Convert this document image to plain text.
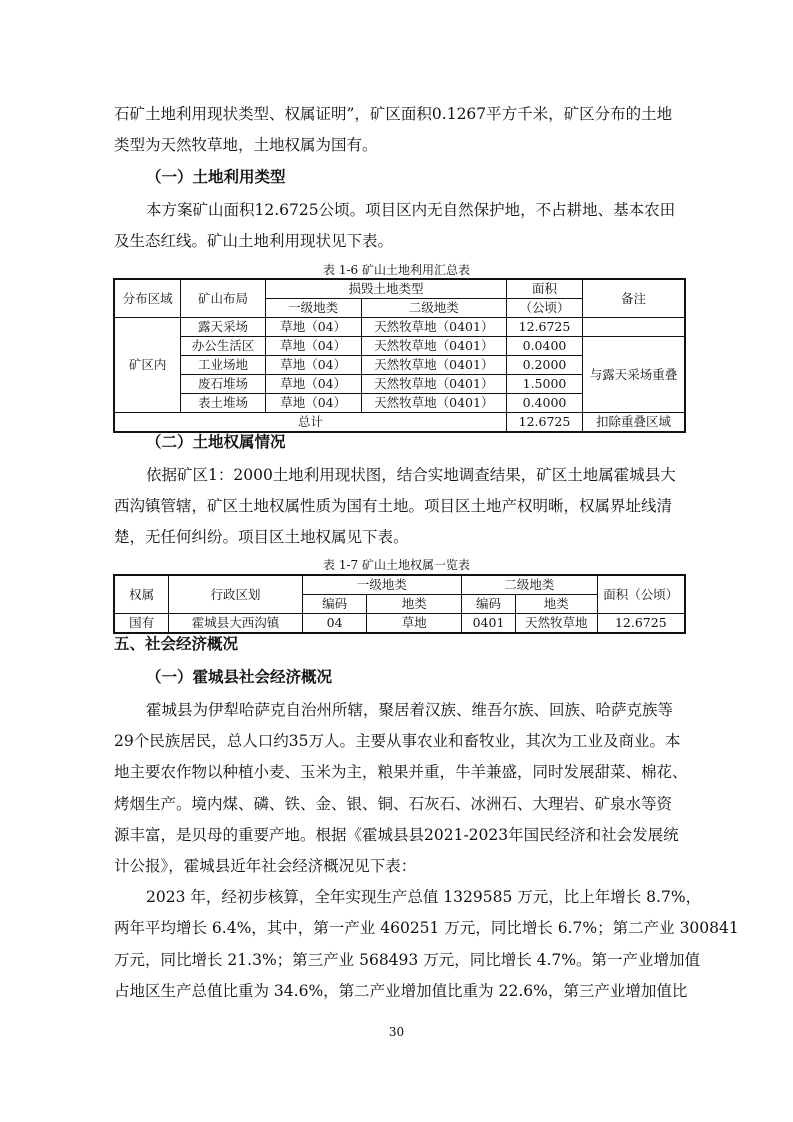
石矿土地利用现状类型、权属证明”，矿区面积0.1267平方千米，矿区分布的土地
类型为天然牧草地，土地权属为国有。
（一）土地利用类型
本方案矿山面积12.6725公顷。项目区内无自然保护地，不占耕地、基本农田
及生态红线。矿山土地利用现状见下表。
表 1-6 矿山土地利用汇总表
分布区域	矿山布局	损毁土地类型		面积	备注
		一级地类	二级地类	（公顷）	
矿区内	露天采场	草地（04）	天然牧草地（0401）	12.6725	
	办公生活区	草地（04）	天然牧草地（0401）	0.0400	与露天采场重叠
	工业场地	草地（04）	天然牧草地（0401）	0.2000	
	废石堆场	草地（04）	天然牧草地（0401）	1.5000	
	表土堆场	草地（04）	天然牧草地（0401）	0.4000	
总计				12.6725	扣除重叠区域
（二）土地权属情况
依据矿区1：2000土地利用现状图，结合实地调查结果，矿区土地属霍城县大
西沟镇管辖，矿区土地权属性质为国有土地。项目区土地产权明晰，权属界址线清
楚，无任何纠纷。项目区土地权属见下表。
表 1-7 矿山土地权属一览表
权属	行政区划	一级地类		二级地类		面积（公顷）
		编码	地类	编码	地类	
国有	霍城县大西沟镇	04	草地	0401	天然牧草地	12.6725
五、社会经济概况
（一）霍城县社会经济概况
霍城县为伊犁哈萨克自治州所辖，聚居着汉族、维吾尔族、回族、哈萨克族等
29个民族居民，总人口约35万人。主要从事农业和畜牧业，其次为工业及商业。本
地主要农作物以种植小麦、玉米为主，粮果并重，牛羊兼盛，同时发展甜菜、棉花、
烤烟生产。境内煤、磷、铁、金、银、铜、石灰石、冰洲石、大理岩、矿泉水等资
源丰富，是贝母的重要产地。根据《霍城县县2021-2023年国民经济和社会发展统
计公报》，霍城县近年社会经济概况见下表：
2023 年，经初步核算，全年实现生产总值 1329585 万元，比上年增长 8.7%，
两年平均增长 6.4%，其中，第一产业 460251 万元，同比增长 6.7%；第二产业 300841
万元，同比增长 21.3%；第三产业 568493 万元，同比增长 4.7%。第一产业增加值
占地区生产总值比重为 34.6%，第二产业增加值比重为 22.6%，第三产业增加值比
30
